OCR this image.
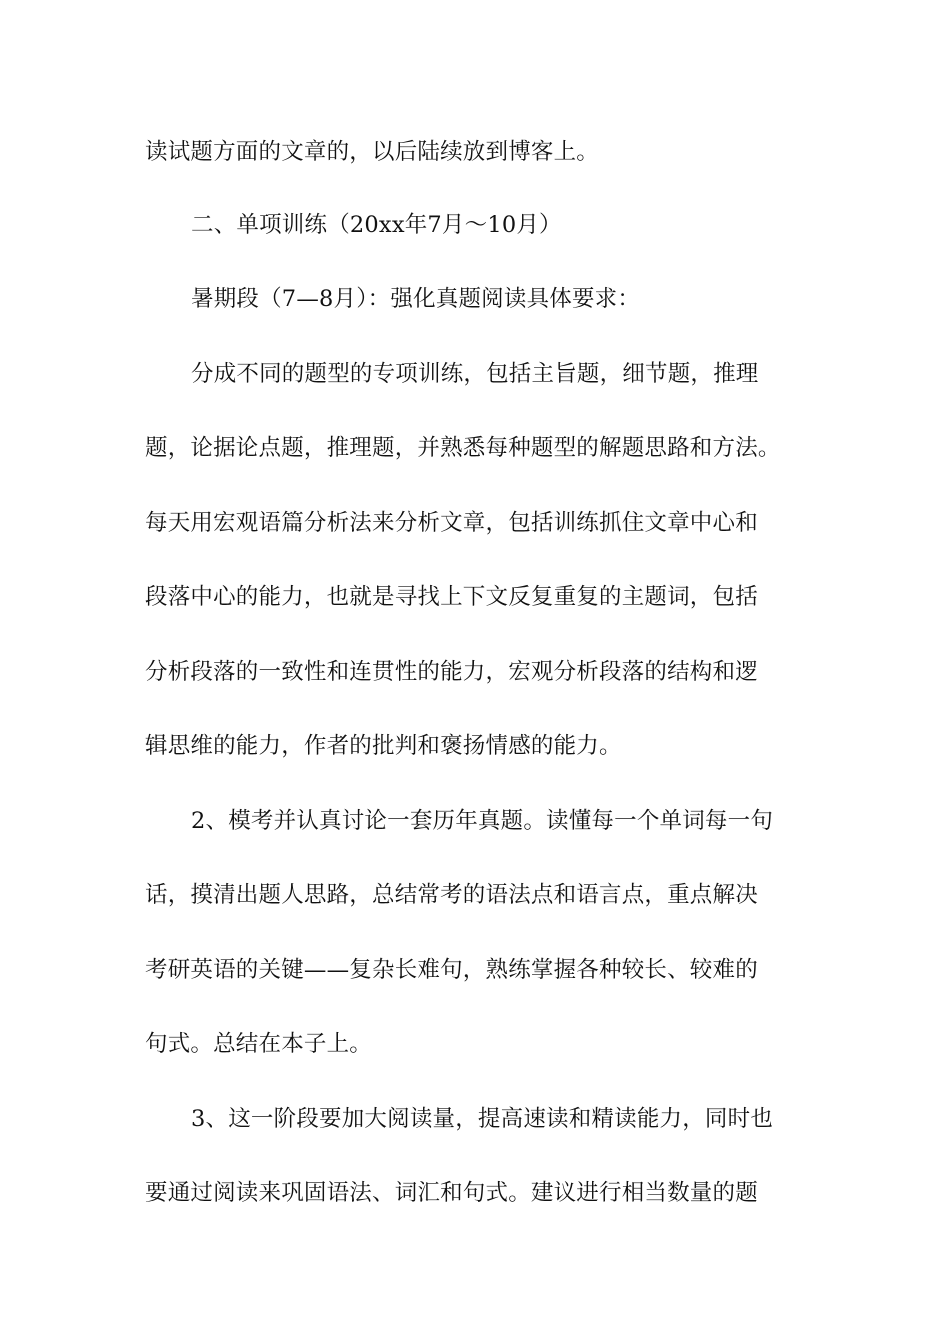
读试题方面的文章的，以后陆续放到博客上。
二、单项训练（20xx年7月～10月）
暑期段（7—8月）：强化真题阅读具体要求：
分成不同的题型的专项训练，包括主旨题，细节题，推理
题，论据论点题，推理题，并熟悉每种题型的解题思路和方法。
每天用宏观语篇分析法来分析文章，包括训练抓住文章中心和
段落中心的能力，也就是寻找上下文反复重复的主题词，包括
分析段落的一致性和连贯性的能力，宏观分析段落的结构和逻
辑思维的能力，作者的批判和褒扬情感的能力。
2、模考并认真讨论一套历年真题。读懂每一个单词每一句
话，摸清出题人思路，总结常考的语法点和语言点，重点解决
考研英语的关键——复杂长难句，熟练掌握各种较长、较难的
句式。总结在本子上。
3、这一阶段要加大阅读量，提高速读和精读能力，同时也
要通过阅读来巩固语法、词汇和句式。建议进行相当数量的题
